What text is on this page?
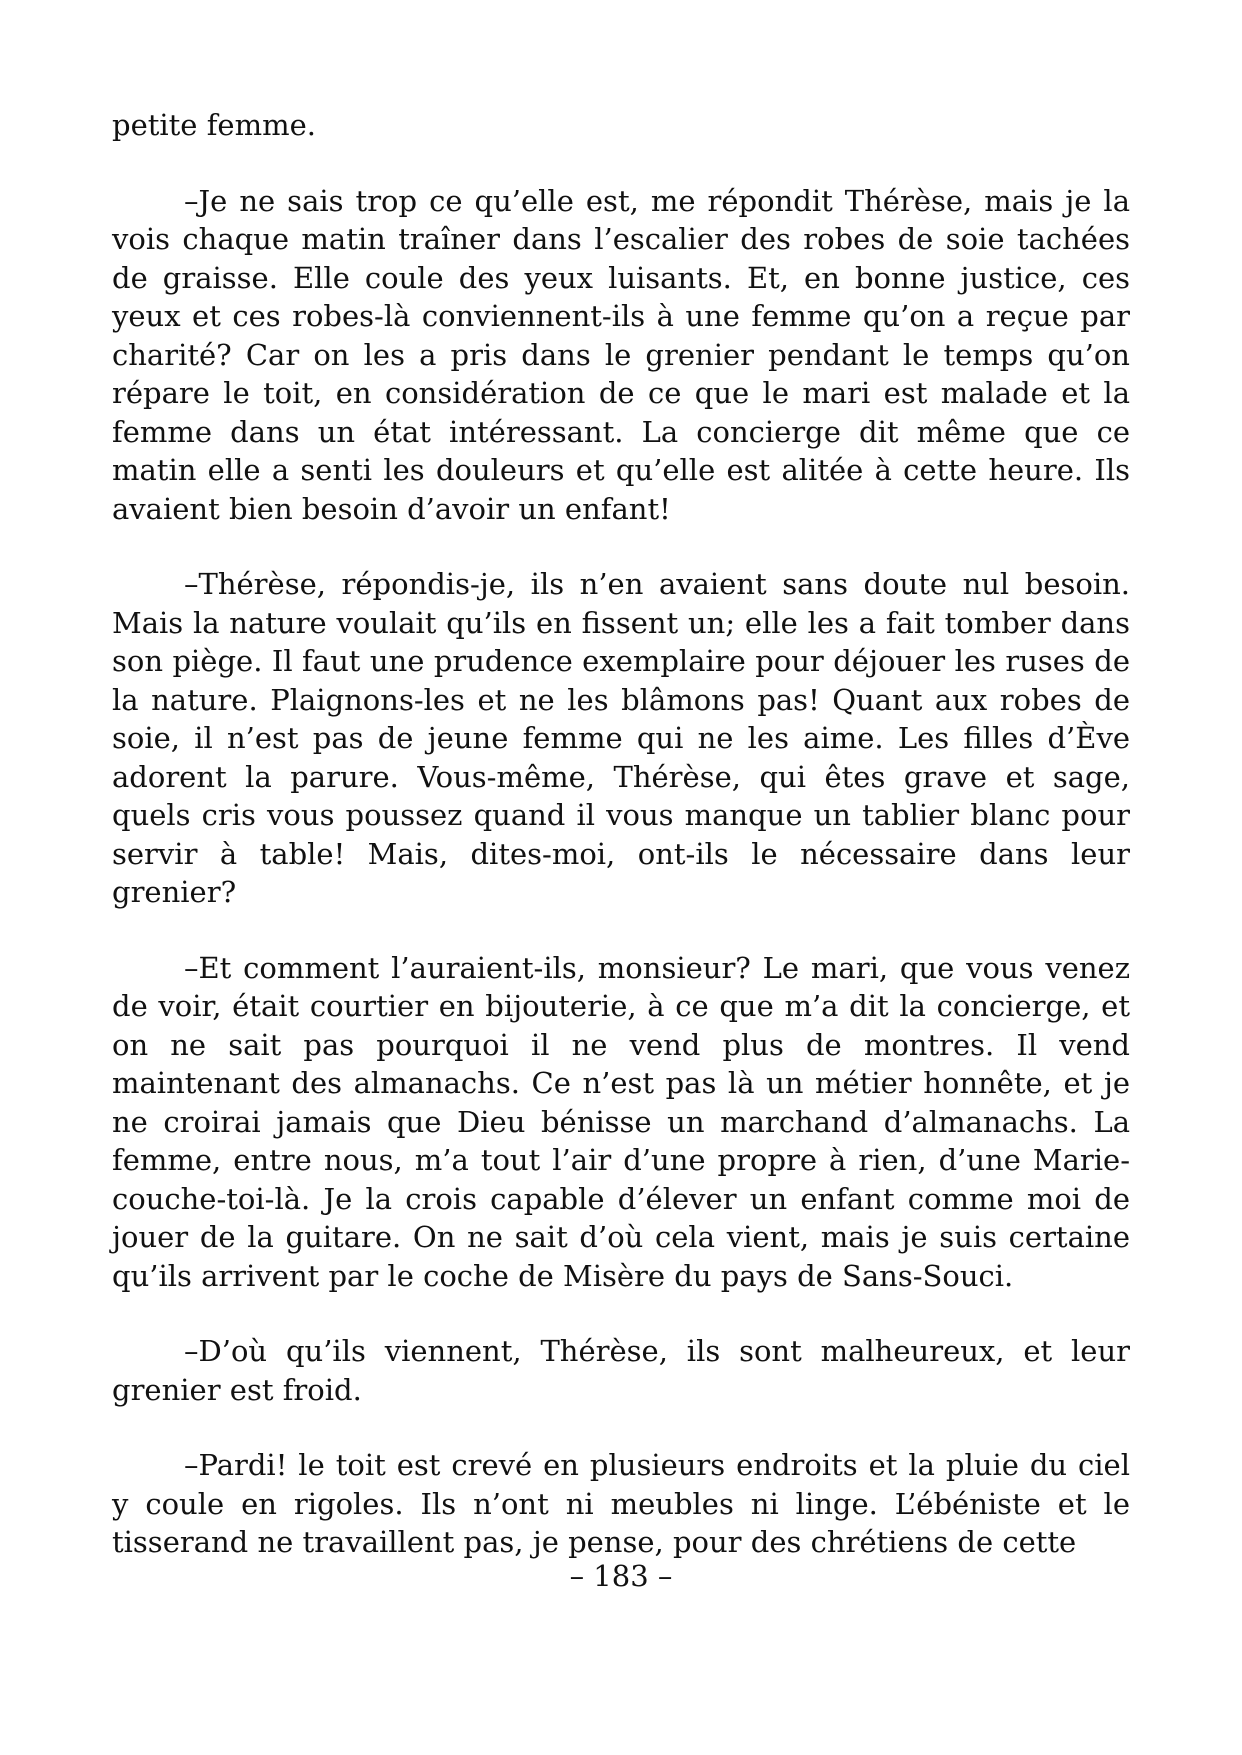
petite femme.

–Je ne sais trop ce qu’elle est, me répondit Thérèse, mais je la vois chaque matin traîner dans l’escalier des robes de soie tachées de graisse. Elle coule des yeux luisants. Et, en bonne justice, ces yeux et ces robes-là conviennent-ils à une femme qu’on a reçue par charité? Car on les a pris dans le grenier pendant le temps qu’on répare le toit, en considération de ce que le mari est malade et la femme dans un état intéressant. La concierge dit même que ce matin elle a senti les douleurs et qu’elle est alitée à cette heure. Ils avaient bien besoin d’avoir un enfant!

–Thérèse, répondis-je, ils n’en avaient sans doute nul besoin. Mais la nature voulait qu’ils en fissent un; elle les a fait tomber dans son piège. Il faut une prudence exemplaire pour déjouer les ruses de la nature. Plaignons-les et ne les blâmons pas! Quant aux robes de soie, il n’est pas de jeune femme qui ne les aime. Les filles d’Ève adorent la parure. Vous-même, Thérèse, qui êtes grave et sage, quels cris vous poussez quand il vous manque un tablier blanc pour servir à table! Mais, dites-moi, ont-ils le nécessaire dans leur grenier?

–Et comment l’auraient-ils, monsieur? Le mari, que vous venez de voir, était courtier en bijouterie, à ce que m’a dit la concierge, et on ne sait pas pourquoi il ne vend plus de montres. Il vend maintenant des almanachs. Ce n’est pas là un métier honnête, et je ne croirai jamais que Dieu bénisse un marchand d’almanachs. La femme, entre nous, m’a tout l’air d’une propre à rien, d’une Marie-couche-toi-là. Je la crois capable d’élever un enfant comme moi de jouer de la guitare. On ne sait d’où cela vient, mais je suis certaine qu’ils arrivent par le coche de Misère du pays de Sans-Souci.

–D’où qu’ils viennent, Thérèse, ils sont malheureux, et leur grenier est froid.

–Pardi! le toit est crevé en plusieurs endroits et la pluie du ciel y coule en rigoles. Ils n’ont ni meubles ni linge. L’ébéniste et le tisserand ne travaillent pas, je pense, pour des chrétiens de cette

– 183 –
